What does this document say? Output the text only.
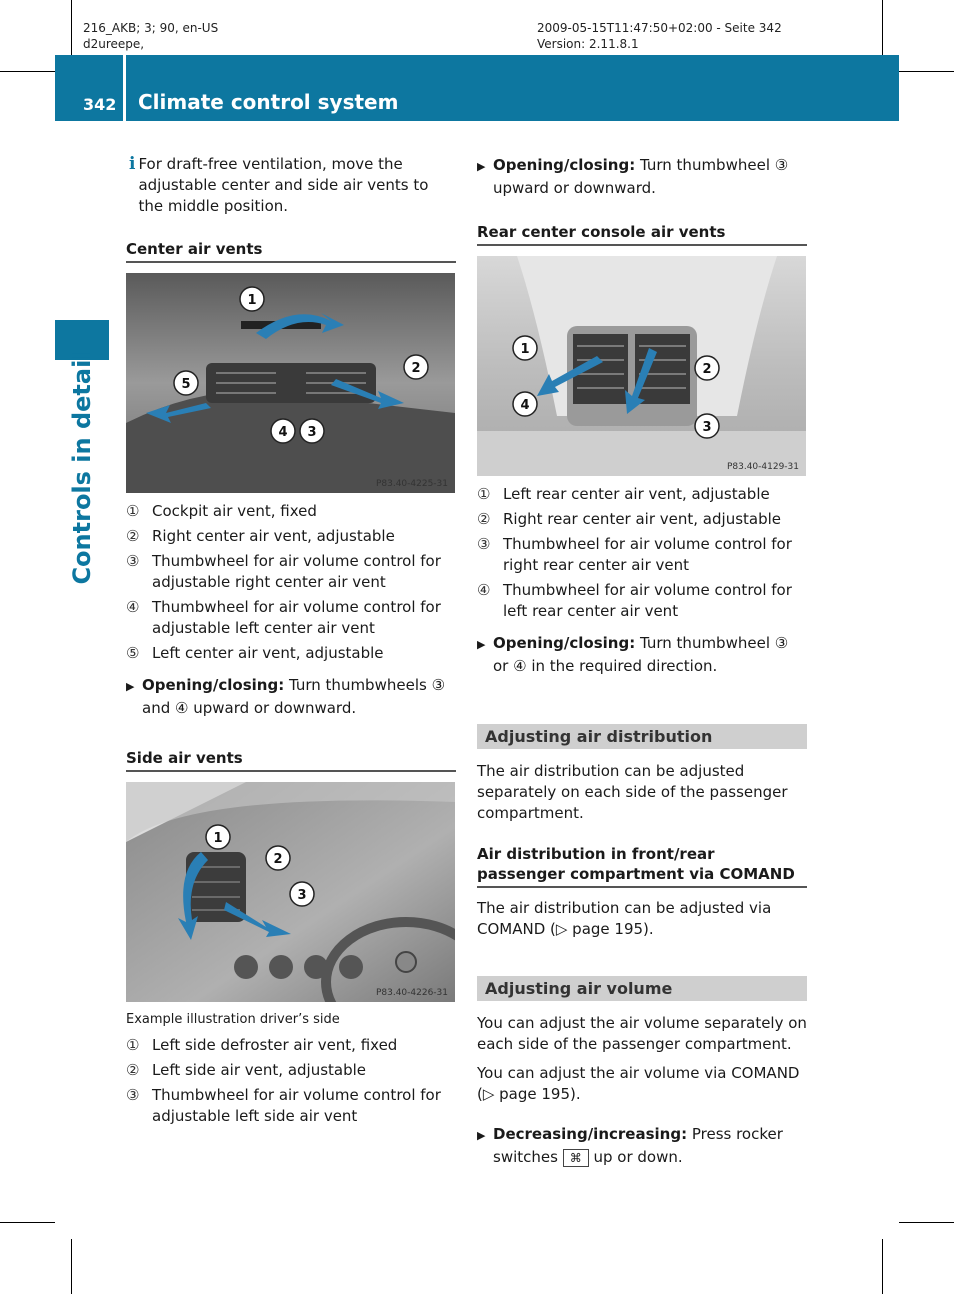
216_AKB; 3; 90, en-US
d2ureepe,
2009-05-15T11:47:50+02:00 - Seite 342
Version: 2.11.8.1
342 Climate control system
Controls in detail
i For draft-free ventilation, move the adjustable center and side air vents to the middle position.
Center air vents
1
2
5
4 3
P83.40-4225-31
① Cockpit air vent, fixed
② Right center air vent, adjustable
③ Thumbwheel for air volume control for adjustable right center air vent
④ Thumbwheel for air volume control for adjustable left center air vent
⑤ Left center air vent, adjustable
▶ Opening/closing: Turn thumbwheels ③ and ④ upward or downward.
Side air vents
1
2
3
P83.40-4226-31
Example illustration driver’s side
① Left side defroster air vent, fixed
② Left side air vent, adjustable
③ Thumbwheel for air volume control for adjustable left side air vent
▶ Opening/closing: Turn thumbwheel ③ upward or downward.
Rear center console air vents
1
2
4
3
P83.40-4129-31
① Left rear center air vent, adjustable
② Right rear center air vent, adjustable
③ Thumbwheel for air volume control for right rear center air vent
④ Thumbwheel for air volume control for left rear center air vent
▶ Opening/closing: Turn thumbwheel ③ or ④ in the required direction.
Adjusting air distribution

The air distribution can be adjusted separately on each side of the passenger compartment.

Air distribution in front/rear passenger compartment via COMAND

The air distribution can be adjusted via COMAND (▷ page 195).

Adjusting air volume

You can adjust the air volume separately on each side of the passenger compartment.

You can adjust the air volume via COMAND (▷ page 195).

▶ Decreasing/increasing: Press rocker switches ⌘ up or down.
